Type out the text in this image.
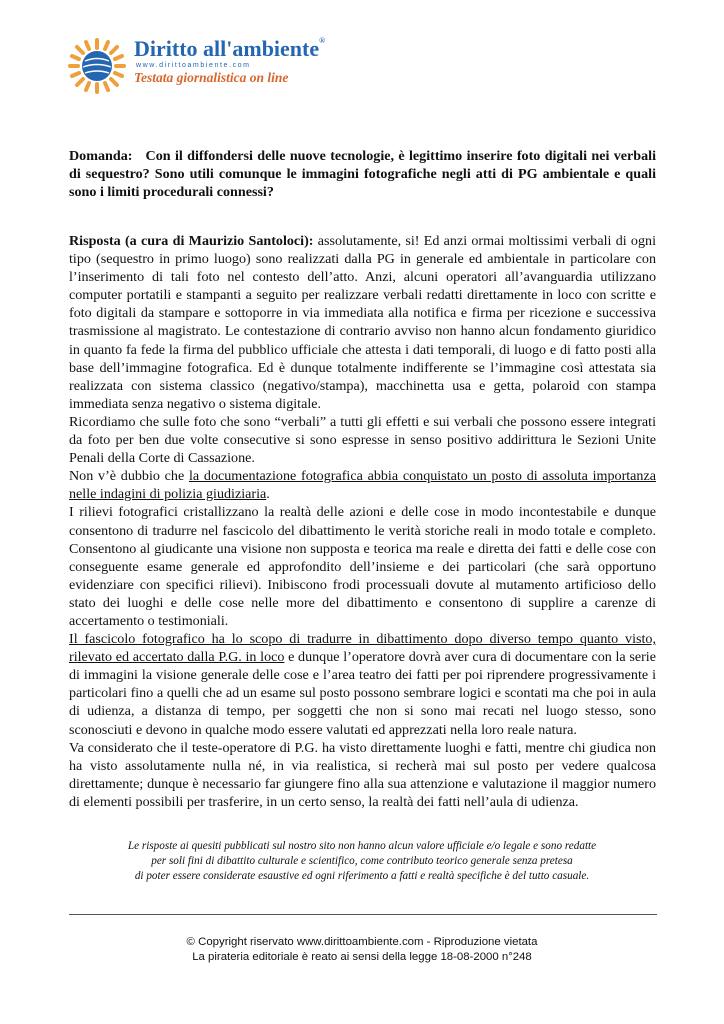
Diritto all'ambiente®
www.dirittoambiente.com
Testata giornalistica on line
Domanda: Con il diffondersi delle nuove tecnologie, è legittimo inserire foto digitali nei verbali di sequestro? Sono utili comunque le immagini fotografiche negli atti di PG ambientale e quali sono i limiti procedurali connessi?

Risposta (a cura di Maurizio Santoloci): assolutamente, si! Ed anzi ormai moltissimi verbali di ogni tipo (sequestro in primo luogo) sono realizzati dalla PG in generale ed ambientale in particolare con l’inserimento di tali foto nel contesto dell’atto. Anzi, alcuni operatori all’avanguardia utilizzano computer portatili e stampanti a seguito per realizzare verbali redatti direttamente in loco con scritte e foto digitali da stampare e sottoporre in via immediata alla notifica e firma per ricezione e successiva trasmissione al magistrato. Le contestazione di contrario avviso non hanno alcun fondamento giuridico in quanto fa fede la firma del pubblico ufficiale che attesta i dati temporali, di luogo e di fatto posti alla base dell’immagine fotografica. Ed è dunque totalmente indifferente se l’immagine così attestata sia realizzata con sistema classico (negativo/stampa), macchinetta usa e getta, polaroid con stampa immediata senza negativo o sistema digitale.

Ricordiamo che sulle foto che sono “verbali” a tutti gli effetti e sui verbali che possono essere integrati da foto per ben due volte consecutive si sono espresse in senso positivo addirittura le Sezioni Unite Penali della Corte di Cassazione.

Non v’è dubbio che la documentazione fotografica abbia conquistato un posto di assoluta importanza nelle indagini di polizia giudiziaria.

I rilievi fotografici cristallizzano la realtà delle azioni e delle cose in modo incontestabile e dunque consentono di tradurre nel fascicolo del dibattimento le verità storiche reali in modo totale e completo. Consentono al giudicante una visione non supposta e teorica ma reale e diretta dei fatti e delle cose con conseguente esame generale ed approfondito dell’insieme e dei particolari (che sarà opportuno evidenziare con specifici rilievi). Inibiscono frodi processuali dovute al mutamento artificioso dello stato dei luoghi e delle cose nelle more del dibattimento e consentono di supplire a carenze di accertamento o testimoniali.

Il fascicolo fotografico ha lo scopo di tradurre in dibattimento dopo diverso tempo quanto visto, rilevato ed accertato dalla P.G. in loco e dunque l’operatore dovrà aver cura di documentare con la serie di immagini la visione generale delle cose e l’area teatro dei fatti per poi riprendere progressivamente i particolari fino a quelli che ad un esame sul posto possono sembrare logici e scontati ma che poi in aula di udienza, a distanza di tempo, per soggetti che non si sono mai recati nel luogo stesso, sono sconosciuti e devono in qualche modo essere valutati ed apprezzati nella loro reale natura.

Va considerato che il teste-operatore di P.G. ha visto direttamente luoghi e fatti, mentre chi giudica non ha visto assolutamente nulla né, in via realistica, si recherà mai sul posto per vedere qualcosa direttamente; dunque è necessario far giungere fino alla sua attenzione e valutazione il maggior numero di elementi possibili per trasferire, in un certo senso, la realtà dei fatti nell’aula di udienza.

Le risposte ai quesiti pubblicati sul nostro sito non hanno alcun valore ufficiale e/o legale e sono redatte
per soli fini di dibattito culturale e scientifico, come contributo teorico generale senza pretesa
di poter essere considerate esaustive ed ogni riferimento a fatti e realtà specifiche è del tutto casuale.
© Copyright riservato www.dirittoambiente.com - Riproduzione vietata
La pirateria editoriale è reato ai sensi della legge 18-08-2000 n°248
